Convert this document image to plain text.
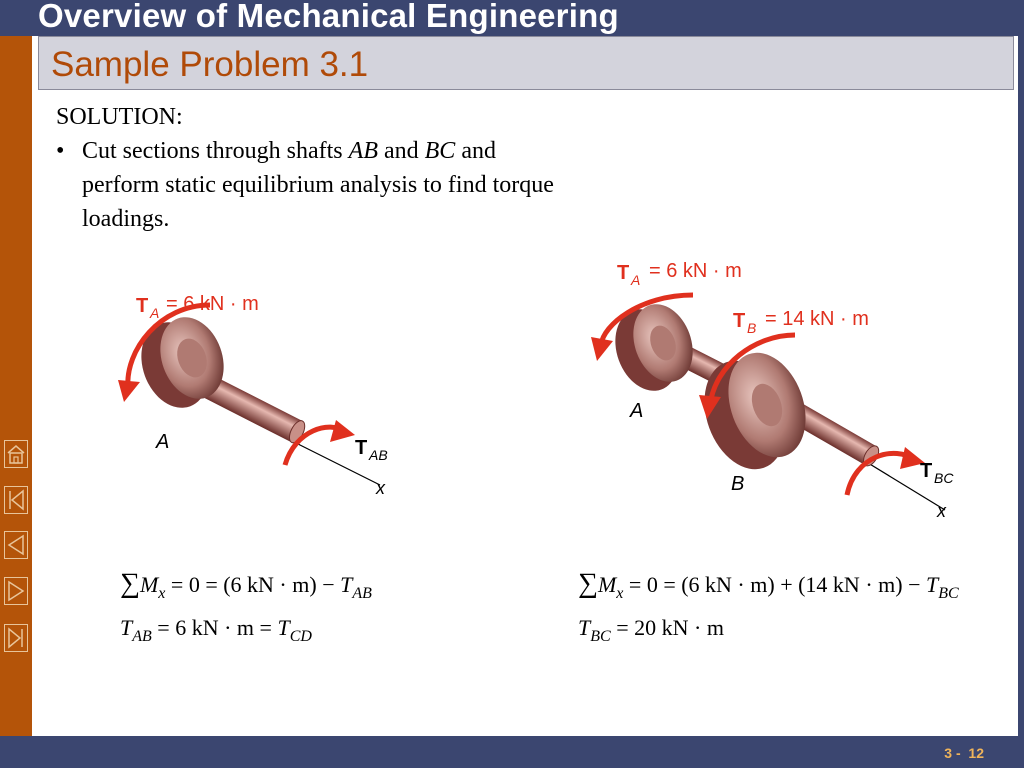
Overview of Mechanical Engineering
Sample Problem 3.1
SOLUTION:
• Cut sections through shafts AB and BC and perform static equilibrium analysis to find torque loadings.
T A = 6 kN · m
A	T AB
x
T A = 6 kN · m
T B = 14 kN · m
A
B
T BC
x
$\sum M_x = 0 = (6$ kN · $m) - T_{AB}$
$T_{AB} = 6$ kN · $m = T_{CD}$
$\sum M_x = 0 = (6$ kN · m) + (14 kN · $m) - T_{BC}$
$T_{BC} = 20$ kN · m
3 -  12
